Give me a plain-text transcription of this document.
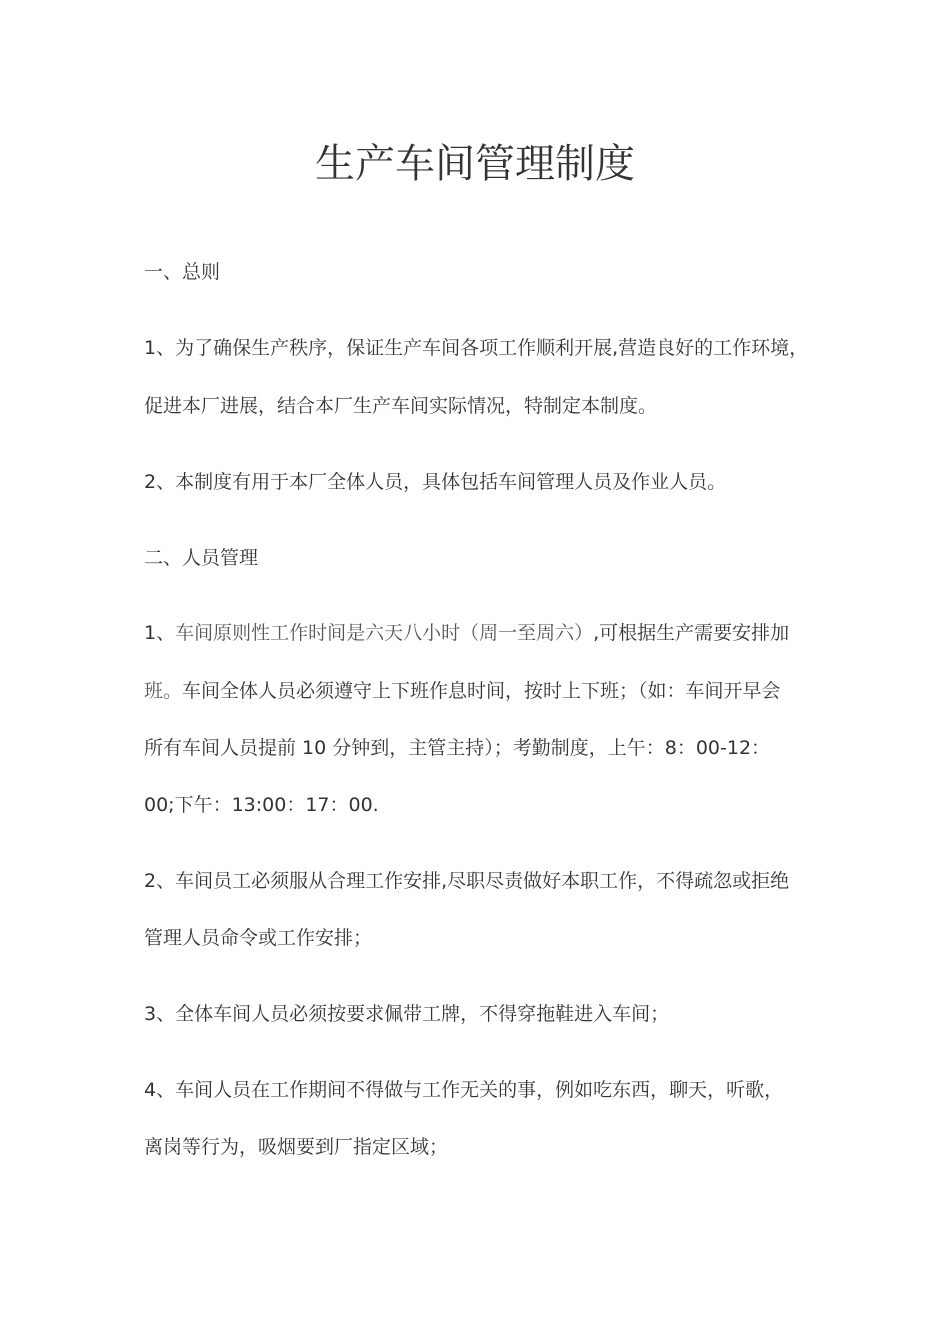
生产车间管理制度
一、总则
1、为了确保生产秩序，保证生产车间各项工作顺利开展,营造良好的工作环境，
促进本厂进展，结合本厂生产车间实际情况，特制定本制度。
2、本制度有用于本厂全体人员，具体包括车间管理人员及作业人员。
二、人员管理
1、车间原则性工作时间是六天八小时（周一至周六）,可根据生产需要安排加
班。车间全体人员必须遵守上下班作息时间，按时上下班；（如：车间开早会
所有车间人员提前 10 分钟到，主管主持）；考勤制度，上午：8：00-12：
00;下午：13:00：17：00.
2、车间员工必须服从合理工作安排,尽职尽责做好本职工作，不得疏忽或拒绝
管理人员命令或工作安排；
3、全体车间人员必须按要求佩带工牌，不得穿拖鞋进入车间；
4、车间人员在工作期间不得做与工作无关的事，例如吃东西，聊天，听歌，
离岗等行为，吸烟要到厂指定区域；
